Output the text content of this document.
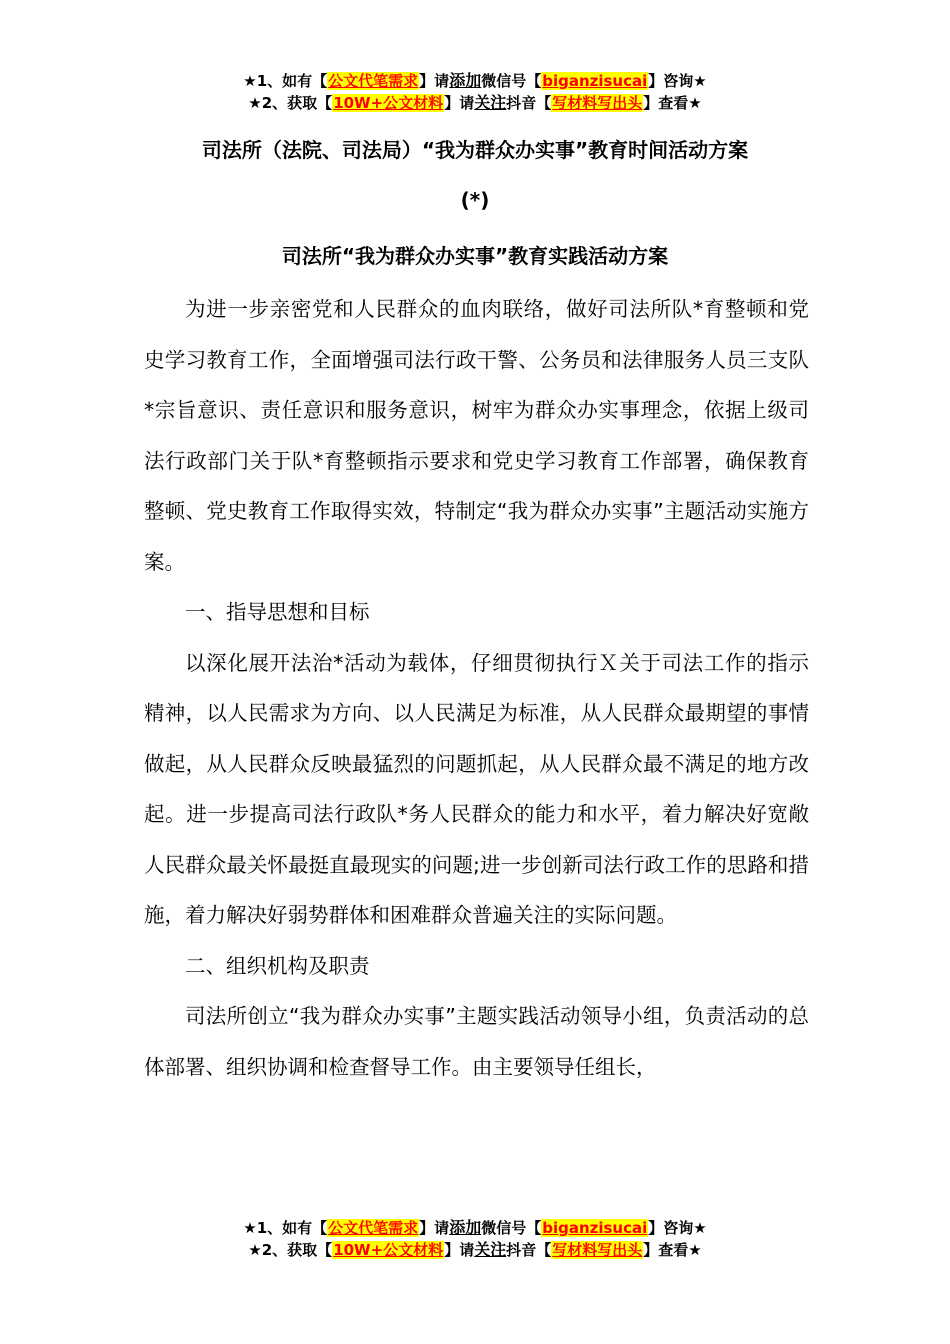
★1、如有【公文代笔需求】请添加微信号【biganzisucai】咨询★
★2、获取【10W+公文材料】请关注抖音【写材料写出头】查看★
司法所（法院、司法局）“我为群众办实事”教育时间活动方案
(*)
司法所“我为群众办实事”教育实践活动方案

为进一步亲密党和人民群众的血肉联络，做好司法所队*育整顿和党史学习教育工作，全面增强司法行政干警、公务员和法律服务人员三支队*宗旨意识、责任意识和服务意识，树牢为群众办实事理念，依据上级司法行政部门关于队*育整顿指示要求和党史学习教育工作部署，确保教育整顿、党史教育工作取得实效，特制定“我为群众办实事”主题活动实施方案。

一、指导思想和目标

以深化展开法治*活动为载体，仔细贯彻执行Ｘ关于司法工作的指示精神，以人民需求为方向、以人民满足为标准，从人民群众最期望的事情做起，从人民群众反映最猛烈的问题抓起，从人民群众最不满足的地方改起。进一步提高司法行政队*务人民群众的能力和水平，着力解决好宽敞人民群众最关怀最挺直最现实的问题;进一步创新司法行政工作的思路和措施，着力解决好弱势群体和困难群众普遍关注的实际问题。

二、组织机构及职责

司法所创立“我为群众办实事”主题实践活动领导小组，负责活动的总体部署、组织协调和检查督导工作。由主要领导任组长，

★1、如有【公文代笔需求】请添加微信号【biganzisucai】咨询★
★2、获取【10W+公文材料】请关注抖音【写材料写出头】查看★
